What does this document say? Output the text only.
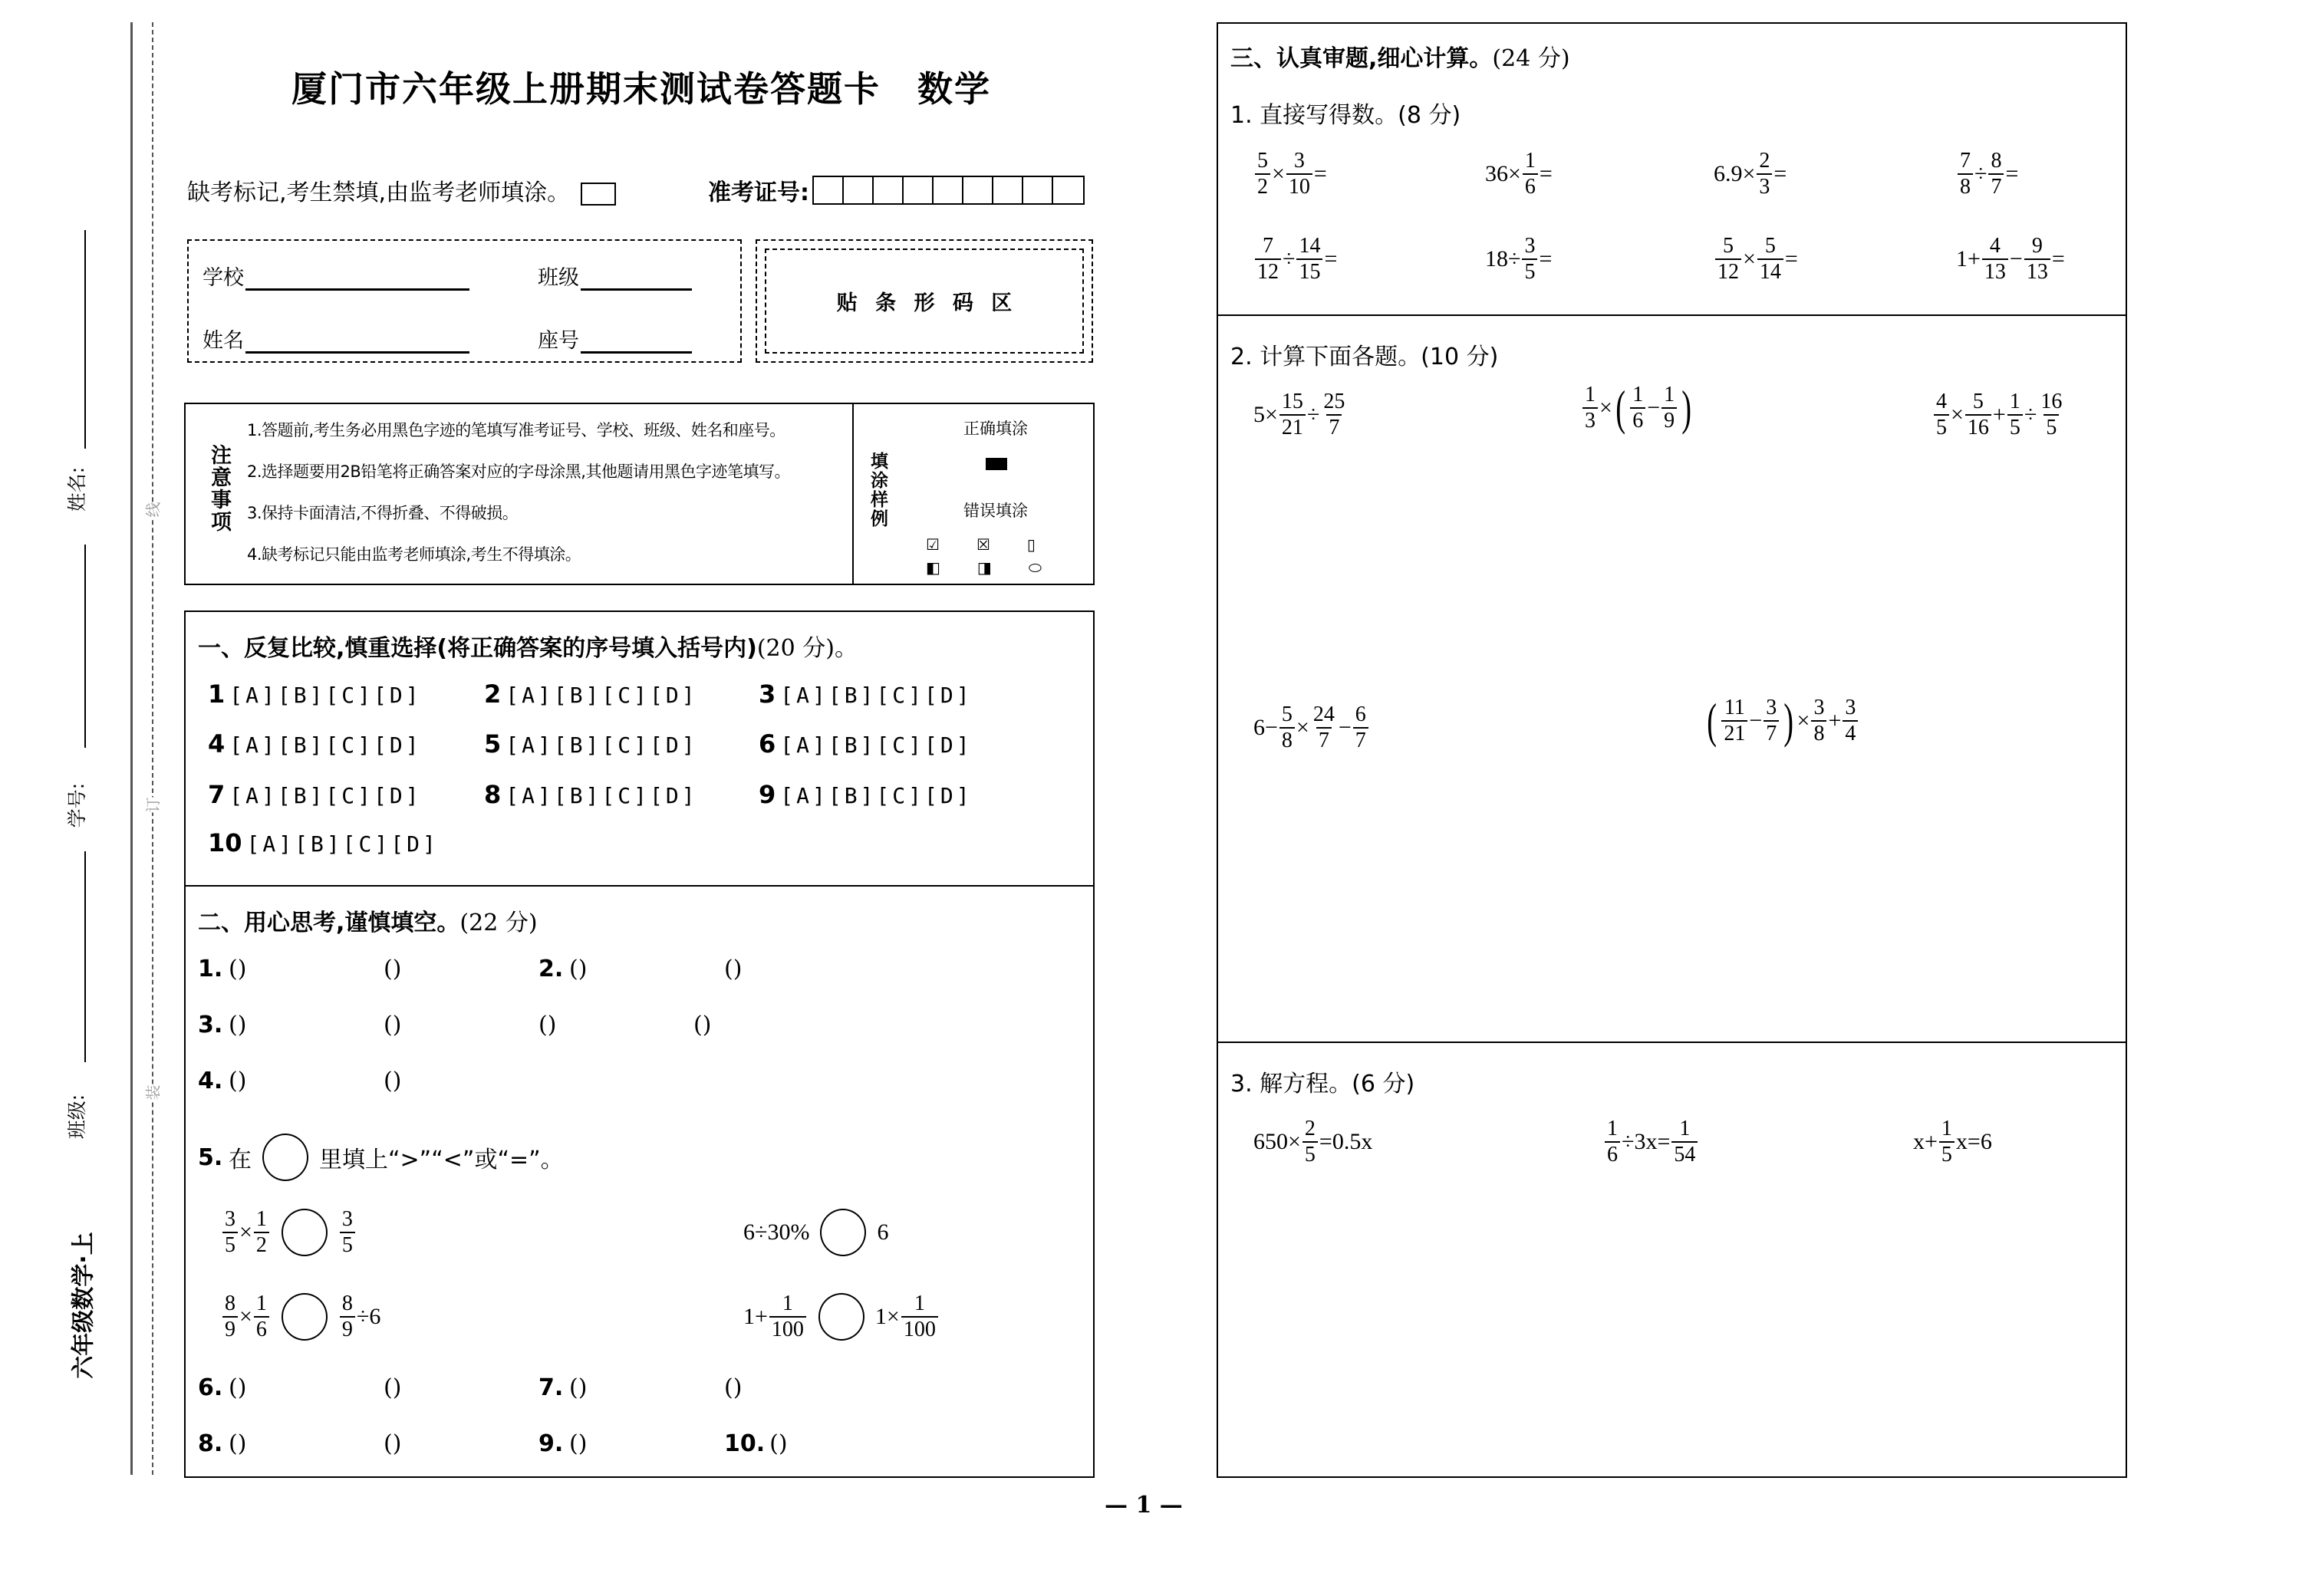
线
订
装
姓名:
学号:
班级:
六年级数学·上
厦门市六年级上册期末测试卷答题卡　数学
缺考标记,考生禁填,由监考老师填涂。	准考证号:
学校	班级
姓名	座号
贴 条 形 码 区
注意事项
1.答题前,考生务必用黑色字迹的笔填写准考证号、学校、班级、姓名和座号。
2.选择题要用2B铅笔将正确答案对应的字母涂黑,其他题请用黑色字迹笔填写。
3.保持卡面清洁,不得折叠、不得破损。
4.缺考标记只能由监考老师填涂,考生不得填涂。
填涂样例
正确填涂
错误填涂
☑ ☒ ▯
◧ ◨ ⬭
一、反复比较,慎重选择(将正确答案的序号填入括号内)(20 分)。
1 [A][B][C][D]	2 [A][B][C][D] 3 [A][B][C][D]
4 [A][B][C][D]	5 [A][B][C][D] 6 [A][B][C][D]
7 [A][B][C][D]	8 [A][B][C][D] 9 [A][B][C][D]
10 [A][B][C][D]
二、用心思考,谨慎填空。(22 分)
1. ()	()	2. ()	()
3. ()	()	()	()
4. ()	()
5. 在	里填上“>”“<”或“=”。
$\frac{3}{5} \times \frac{1}{2}$	$\frac{3}{5}$	6÷30%	6
$\frac{8}{9} \times \frac{1}{6}$	$\frac{8}{9} \div 6$	$1+ \frac{1}{100}$	$1\times \frac{1}{100}$
6. ()	()	7. ()	()
8. ()	()	9. ()	10. ()
三、认真审题,细心计算。(24 分)
1. 直接写得数。(8 分)
$\frac{5}{2} \times \frac{3}{10}$ =	$36\times \frac{1}{6}$ =	$6.9\times \frac{2}{3}$ =	$\frac{7}{8} \div \frac{8}{7}$ =
$\frac{7}{12} \div \frac{14}{15}$ =	$18\div \frac{3}{5}$ =	$\frac{5}{12} \times \frac{5}{14}$ =	$1+ \frac{4}{13} - \frac{9}{13}$ =
2. 计算下面各题。(10 分)
$5\times \frac{15}{21} \div \frac{25}{7}$	$\frac{1}{3}$ × ( $\frac{1}{6} - \frac{1}{9}$ )	$\frac{4}{5} \times \frac{5}{16} + \frac{1}{5} \div \frac{16}{5}$
$6- \frac{5}{8} \times \frac{24}{7} - \frac{6}{7}$	( $\frac{11}{21} - \frac{3}{7}$ ) × $\frac{3}{8} + \frac{3}{4}$
3. 解方程。(6 分)
$650\times \frac{2}{5} =0.5x$	$\frac{1}{6} \div 3x= \frac{1}{54}$	$x+ \frac{1}{5} x=6$
— 1 —
